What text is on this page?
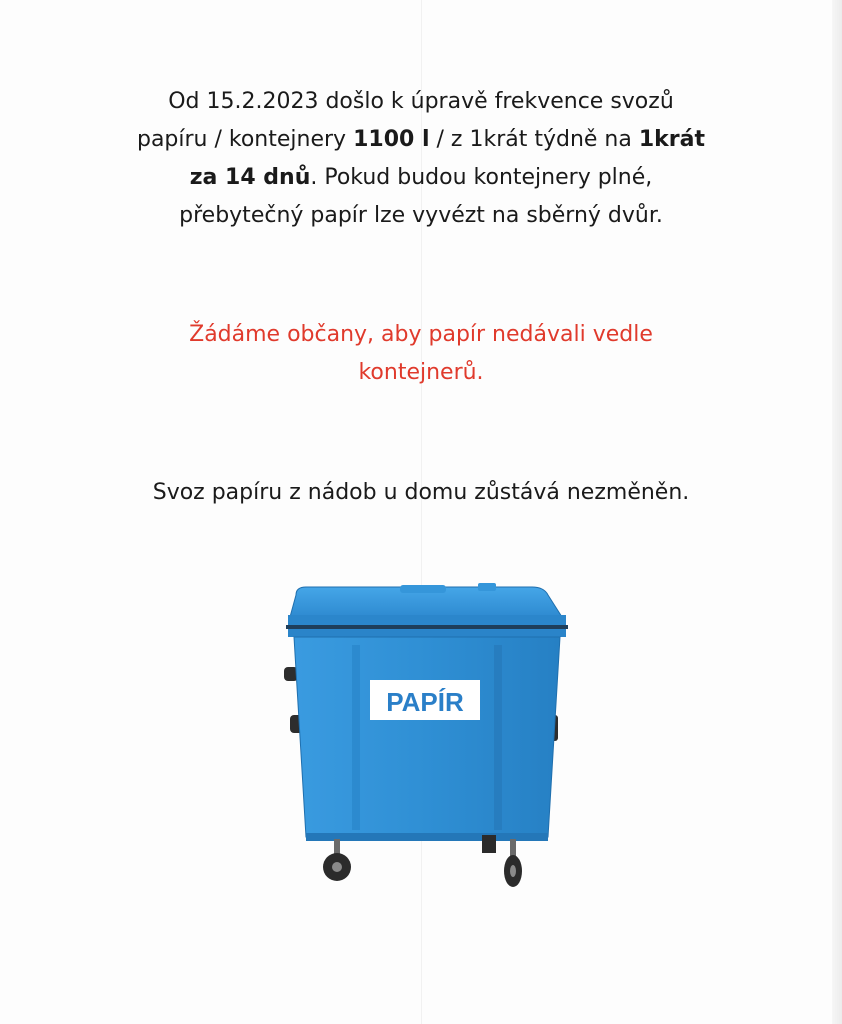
Od 15.2.2023 došlo k úpravě frekvence svozů
papíru / kontejnery 1100 l / z 1krát týdně na 1krát
za 14 dnů. Pokud budou kontejnery plné,
přebytečný papír lze vyvézt na sběrný dvůr.

Žádáme občany, aby papír nedávali vedle
kontejnerů.

Svoz papíru z nádob u domu zůstává nezměněn.

PAPÍR
